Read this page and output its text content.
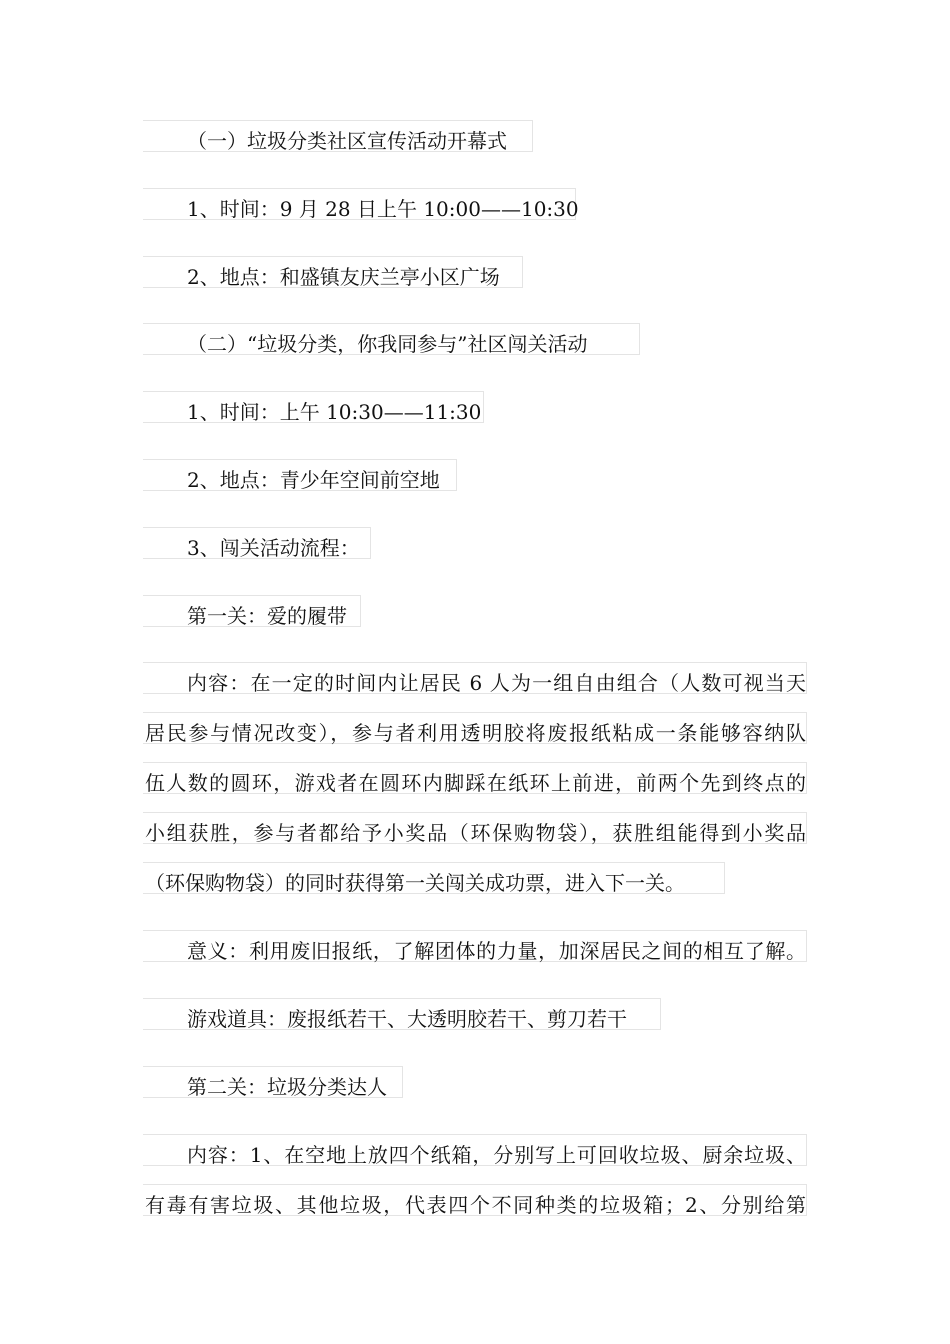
（一）垃圾分类社区宣传活动开幕式
1、时间：9 月 28 日上午 10:00——10:30
2、地点：和盛镇友庆兰亭小区广场
（二）“垃圾分类，你我同参与”社区闯关活动
1、时间：上午 10:30——11:30
2、地点：青少年空间前空地
3、闯关活动流程：
第一关：爱的履带
内容：在一定的时间内让居民 6 人为一组自由组合（人数可视当天
居民参与情况改变），参与者利用透明胶将废报纸粘成一条能够容纳队
伍人数的圆环，游戏者在圆环内脚踩在纸环上前进，前两个先到终点的
小组获胜，参与者都给予小奖品（环保购物袋），获胜组能得到小奖品
（环保购物袋）的同时获得第一关闯关成功票，进入下一关。
意义：利用废旧报纸，了解团体的力量，加深居民之间的相互了解。
游戏道具：废报纸若干、大透明胶若干、剪刀若干
第二关：垃圾分类达人
内容：1、在空地上放四个纸箱，分别写上可回收垃圾、厨余垃圾、
有毒有害垃圾、其他垃圾，代表四个不同种类的垃圾箱；2、分别给第
